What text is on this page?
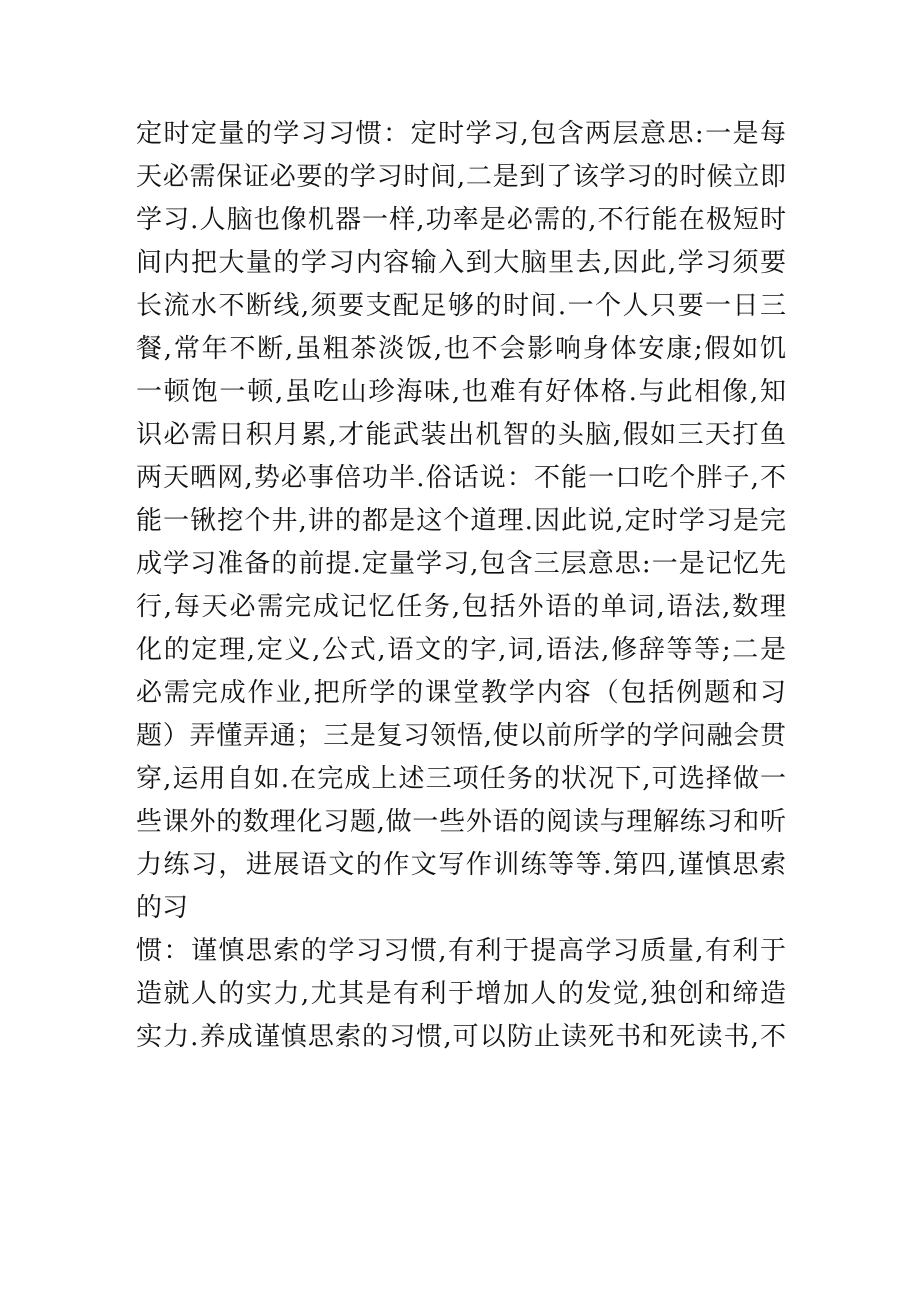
定时定量的学习习惯：定时学习,包含两层意思:一是每
天必需保证必要的学习时间,二是到了该学习的时候立即
学习.人脑也像机器一样,功率是必需的,不行能在极短时
间内把大量的学习内容输入到大脑里去,因此,学习须要
长流水不断线,须要支配足够的时间.一个人只要一日三
餐,常年不断,虽粗茶淡饭,也不会影响身体安康;假如饥
一顿饱一顿,虽吃山珍海味,也难有好体格.与此相像,知
识必需日积月累,才能武装出机智的头脑,假如三天打鱼
两天晒网,势必事倍功半.俗话说：不能一口吃个胖子,不
能一锹挖个井,讲的都是这个道理.因此说,定时学习是完
成学习准备的前提.定量学习,包含三层意思:一是记忆先
行,每天必需完成记忆任务,包括外语的单词,语法,数理
化的定理,定义,公式,语文的字,词,语法,修辞等等;二是
必需完成作业,把所学的课堂教学内容（包括例题和习
题）弄懂弄通；三是复习领悟,使以前所学的学问融会贯
穿,运用自如.在完成上述三项任务的状况下,可选择做一
些课外的数理化习题,做一些外语的阅读与理解练习和听
力练习，进展语文的作文写作训练等等.第四,谨慎思索
的习
惯：谨慎思索的学习习惯,有利于提高学习质量,有利于
造就人的实力,尤其是有利于增加人的发觉,独创和缔造
实力.养成谨慎思索的习惯,可以防止读死书和死读书,不
